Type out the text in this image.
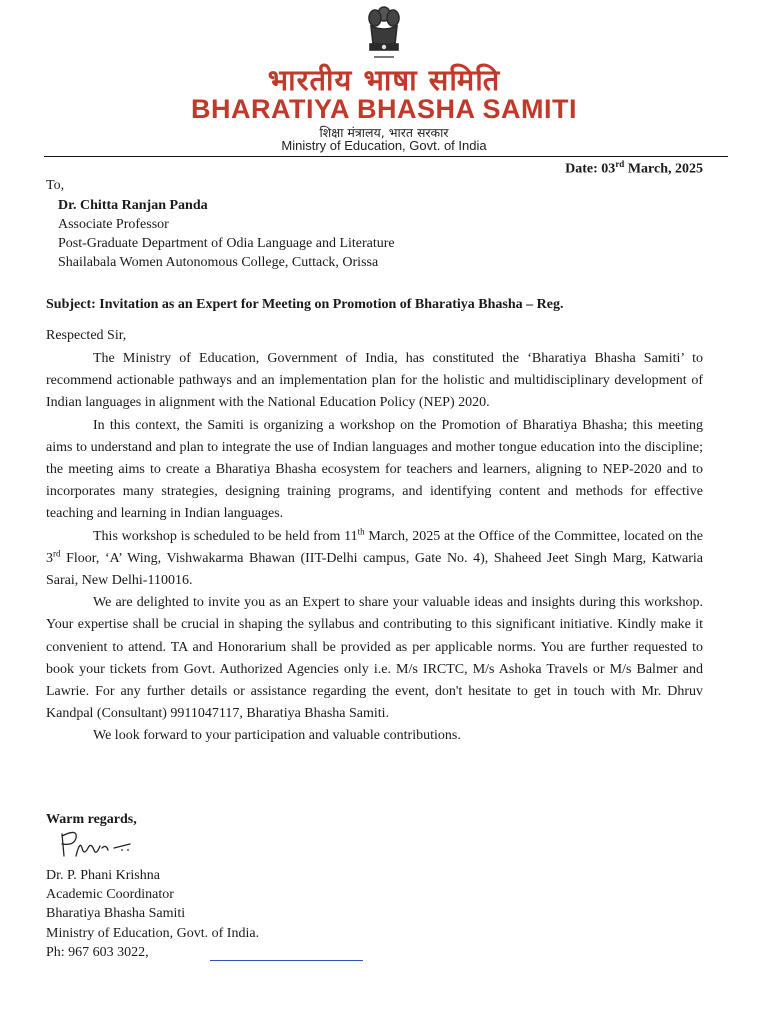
भारतीय भाषा समिति
BHARATIYA BHASHA SAMITI
शिक्षा मंत्रालय, भारत सरकार
Ministry of Education, Govt. of India
Date: 03rd March, 2025
To,
Dr. Chitta Ranjan Panda
Associate Professor
Post-Graduate Department of Odia Language and Literature
Shailabala Women Autonomous College, Cuttack, Orissa
Subject: Invitation as an Expert for Meeting on Promotion of Bharatiya Bhasha – Reg.
Respected Sir,

The Ministry of Education, Government of India, has constituted the ‘Bharatiya Bhasha Samiti’ to recommend actionable pathways and an implementation plan for the holistic and multidisciplinary development of Indian languages in alignment with the National Education Policy (NEP) 2020.

In this context, the Samiti is organizing a workshop on the Promotion of Bharatiya Bhasha; this meeting aims to understand and plan to integrate the use of Indian languages and mother tongue education into the discipline; the meeting aims to create a Bharatiya Bhasha ecosystem for teachers and learners, aligning to NEP-2020 and to incorporates many strategies, designing training programs, and identifying content and methods for effective teaching and learning in Indian languages.

This workshop is scheduled to be held from 11th March, 2025 at the Office of the Committee, located on the 3rd Floor, ‘A’ Wing, Vishwakarma Bhawan (IIT-Delhi campus, Gate No. 4), Shaheed Jeet Singh Marg, Katwaria Sarai, New Delhi-110016.

We are delighted to invite you as an Expert to share your valuable ideas and insights during this workshop. Your expertise shall be crucial in shaping the syllabus and contributing to this significant initiative. Kindly make it convenient to attend. TA and Honorarium shall be provided as per applicable norms. You are further requested to book your tickets from Govt. Authorized Agencies only i.e. M/s IRCTC, M/s Ashoka Travels or M/s Balmer and Lawrie. For any further details or assistance regarding the event, don't hesitate to get in touch with Mr. Dhruv Kandpal (Consultant) 9911047117, Bharatiya Bhasha Samiti.

We look forward to your participation and valuable contributions.

Warm regards,
Dr. P. Phani Krishna
Academic Coordinator
Bharatiya Bhasha Samiti
Ministry of Education, Govt. of India.
Ph: 967 603 3022,
